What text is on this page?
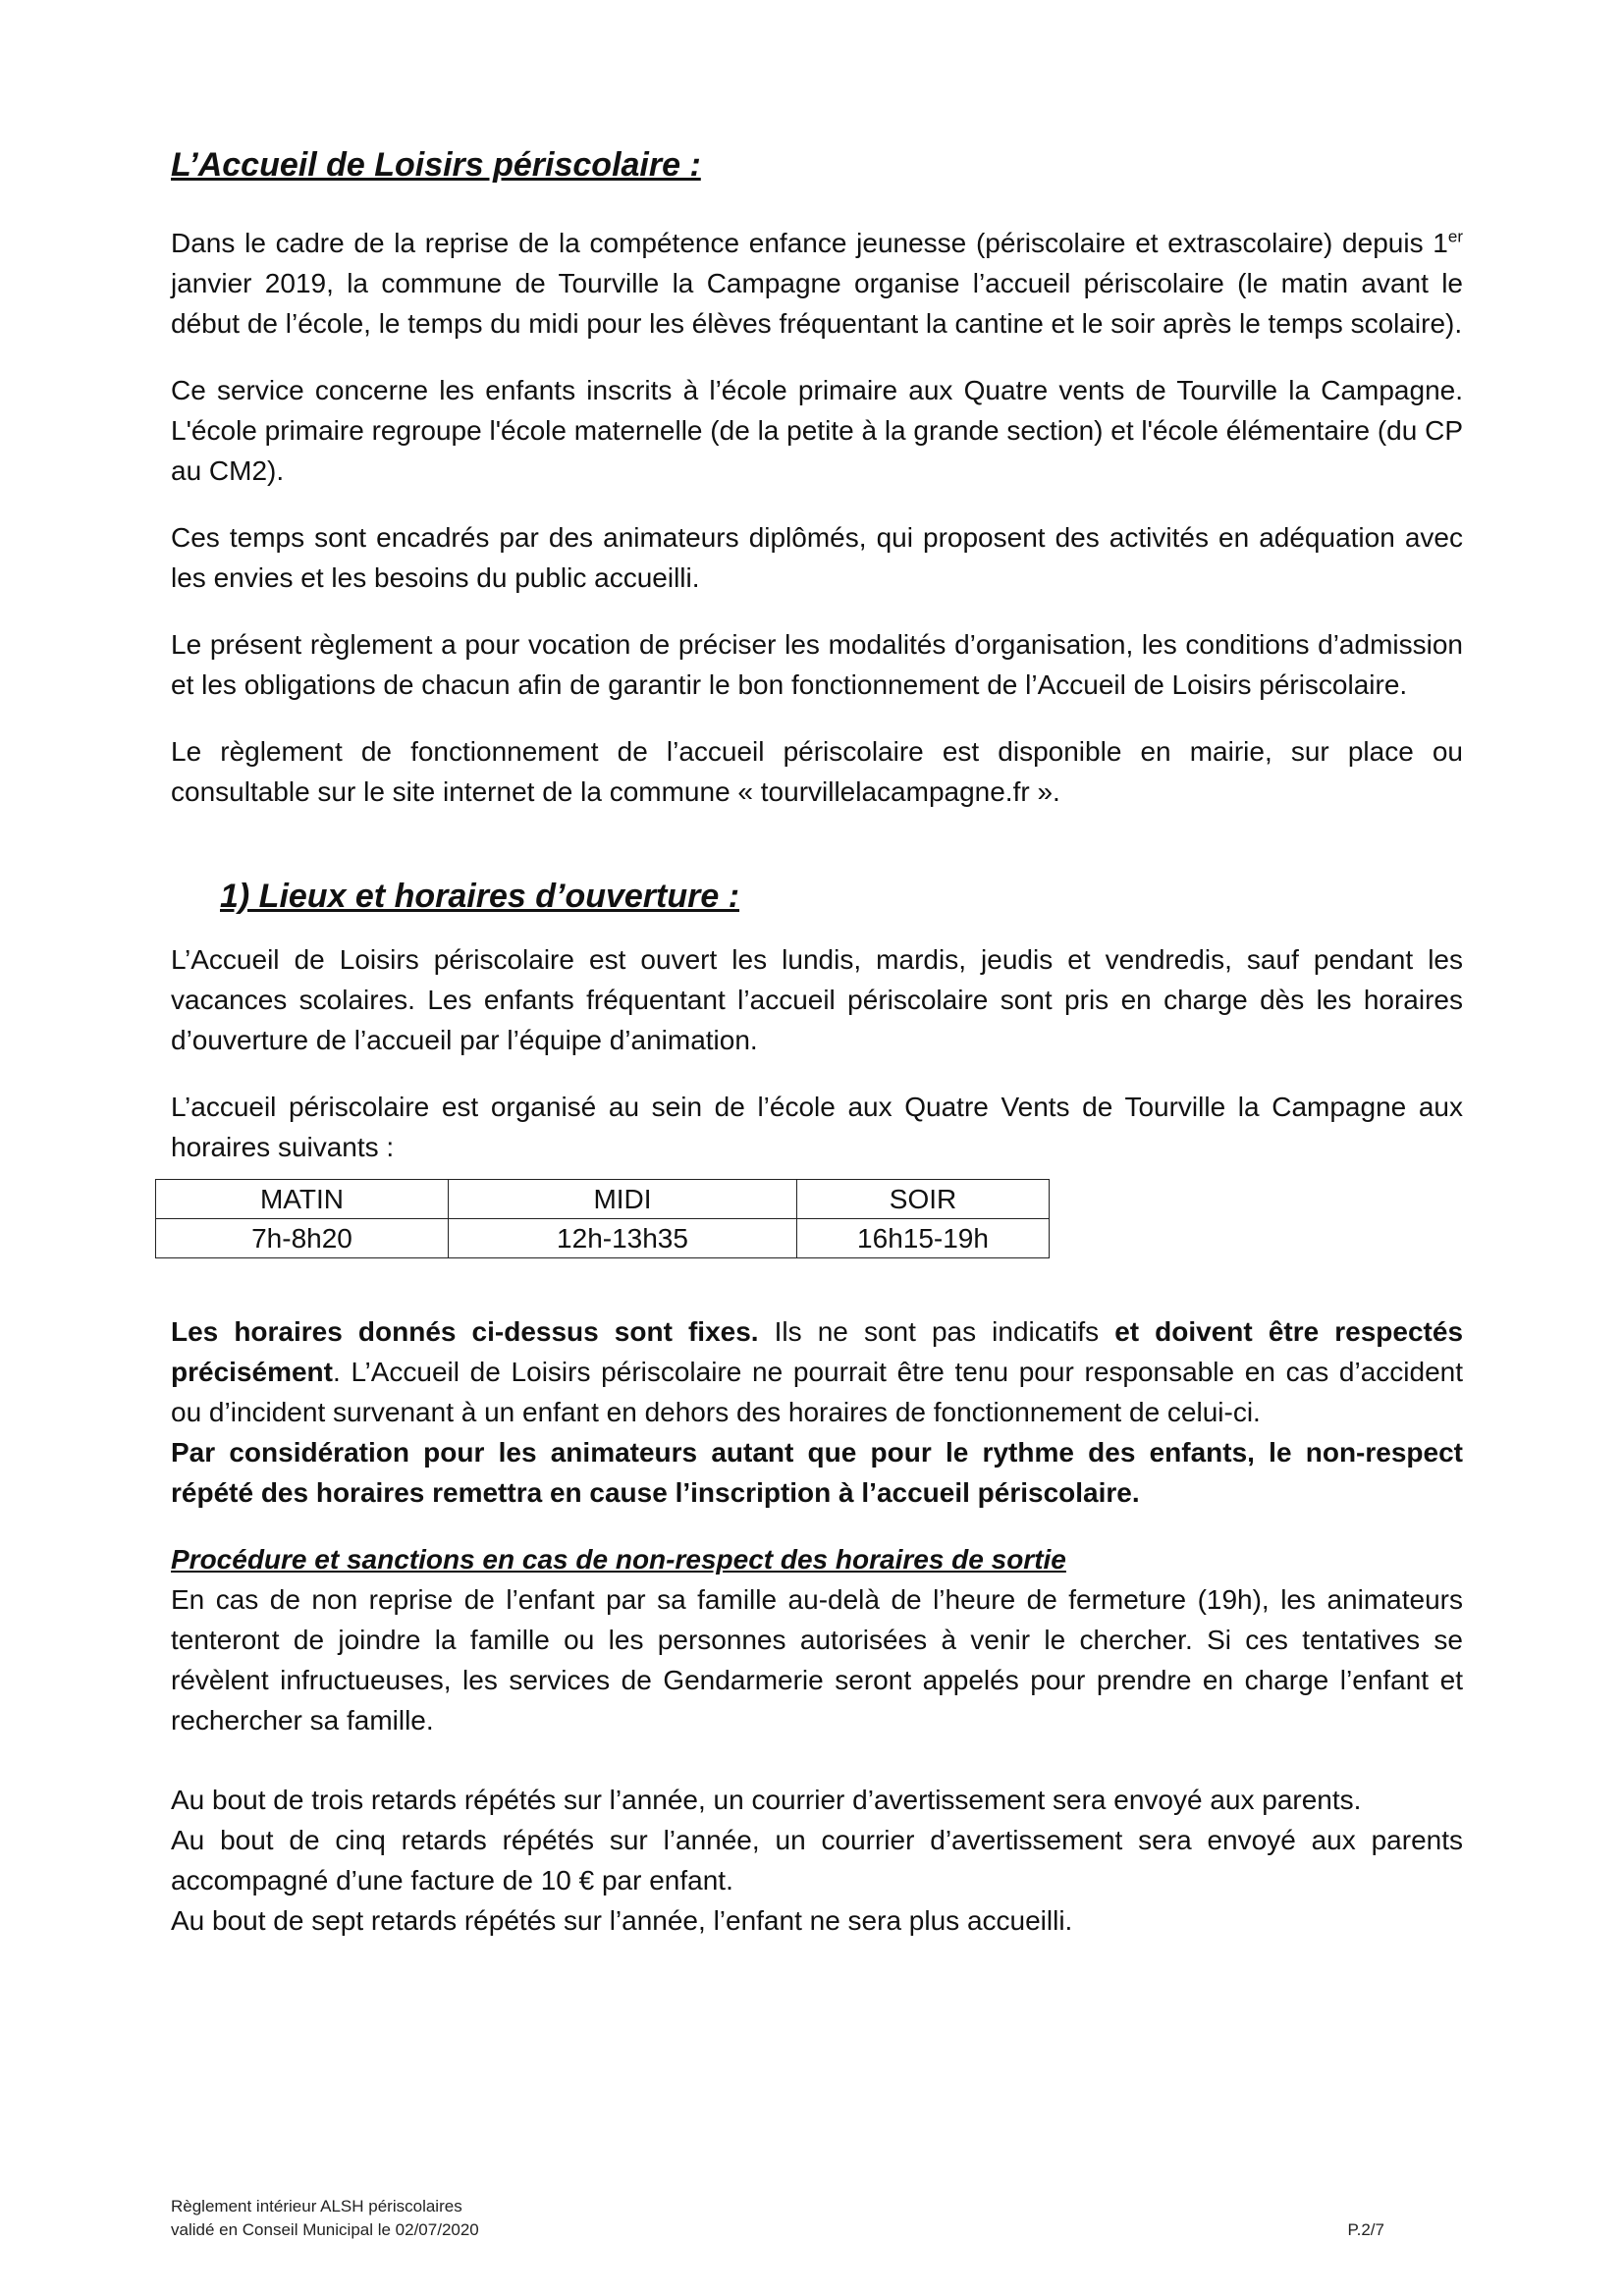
L’Accueil de Loisirs périscolaire :

Dans le cadre de la reprise de la compétence enfance jeunesse (périscolaire et extrascolaire) depuis 1er janvier 2019, la commune de Tourville la Campagne organise l’accueil périscolaire (le matin avant le début de l’école, le temps du midi pour les élèves fréquentant la cantine et le soir après le temps scolaire).

Ce service concerne les enfants inscrits à l’école primaire aux Quatre vents de Tourville la Campagne. L'école primaire regroupe l'école maternelle (de la petite à la grande section) et l'école élémentaire (du CP au CM2).

Ces temps sont encadrés par des animateurs diplômés, qui proposent des activités en adéquation avec les envies et les besoins du public accueilli.

Le présent règlement a pour vocation de préciser les modalités d’organisation, les conditions d’admission et les obligations de chacun afin de garantir le bon fonctionnement de l’Accueil de Loisirs périscolaire.

Le règlement de fonctionnement de l’accueil périscolaire est disponible en mairie, sur place ou consultable sur le site internet de la commune « tourvillelacampagne.fr ».

1) Lieux et horaires d’ouverture :

L’Accueil de Loisirs périscolaire est ouvert les lundis, mardis, jeudis et vendredis, sauf pendant les vacances scolaires. Les enfants fréquentant l’accueil périscolaire sont pris en charge dès les horaires d’ouverture de l’accueil par l’équipe d’animation.

L’accueil périscolaire est organisé au sein de l’école aux Quatre Vents de Tourville la Campagne aux horaires suivants :

MATIN	MIDI	SOIR
7h-8h20	12h-13h35	16h15-19h

Les horaires donnés ci-dessus sont fixes. Ils ne sont pas indicatifs et doivent être respectés précisément. L’Accueil de Loisirs périscolaire ne pourrait être tenu pour responsable en cas d’accident ou d’incident survenant à un enfant en dehors des horaires de fonctionnement de celui-ci.

Par considération pour les animateurs autant que pour le rythme des enfants, le non-respect répété des horaires remettra en cause l’inscription à l’accueil périscolaire.

Procédure et sanctions en cas de non-respect des horaires de sortie

En cas de non reprise de l’enfant par sa famille au-delà de l’heure de fermeture (19h), les animateurs tenteront de joindre la famille ou les personnes autorisées à venir le chercher. Si ces tentatives se révèlent infructueuses, les services de Gendarmerie seront appelés pour prendre en charge l’enfant et rechercher sa famille.

Au bout de trois retards répétés sur l’année, un courrier d’avertissement sera envoyé aux parents.

Au bout de cinq retards répétés sur l’année, un courrier d’avertissement sera envoyé aux parents accompagné d’une facture de 10 € par enfant.

Au bout de sept retards répétés sur l’année, l’enfant ne sera plus accueilli.

Règlement intérieur ALSH périscolaires
validé en Conseil Municipal le 02/07/2020	P.2/7
